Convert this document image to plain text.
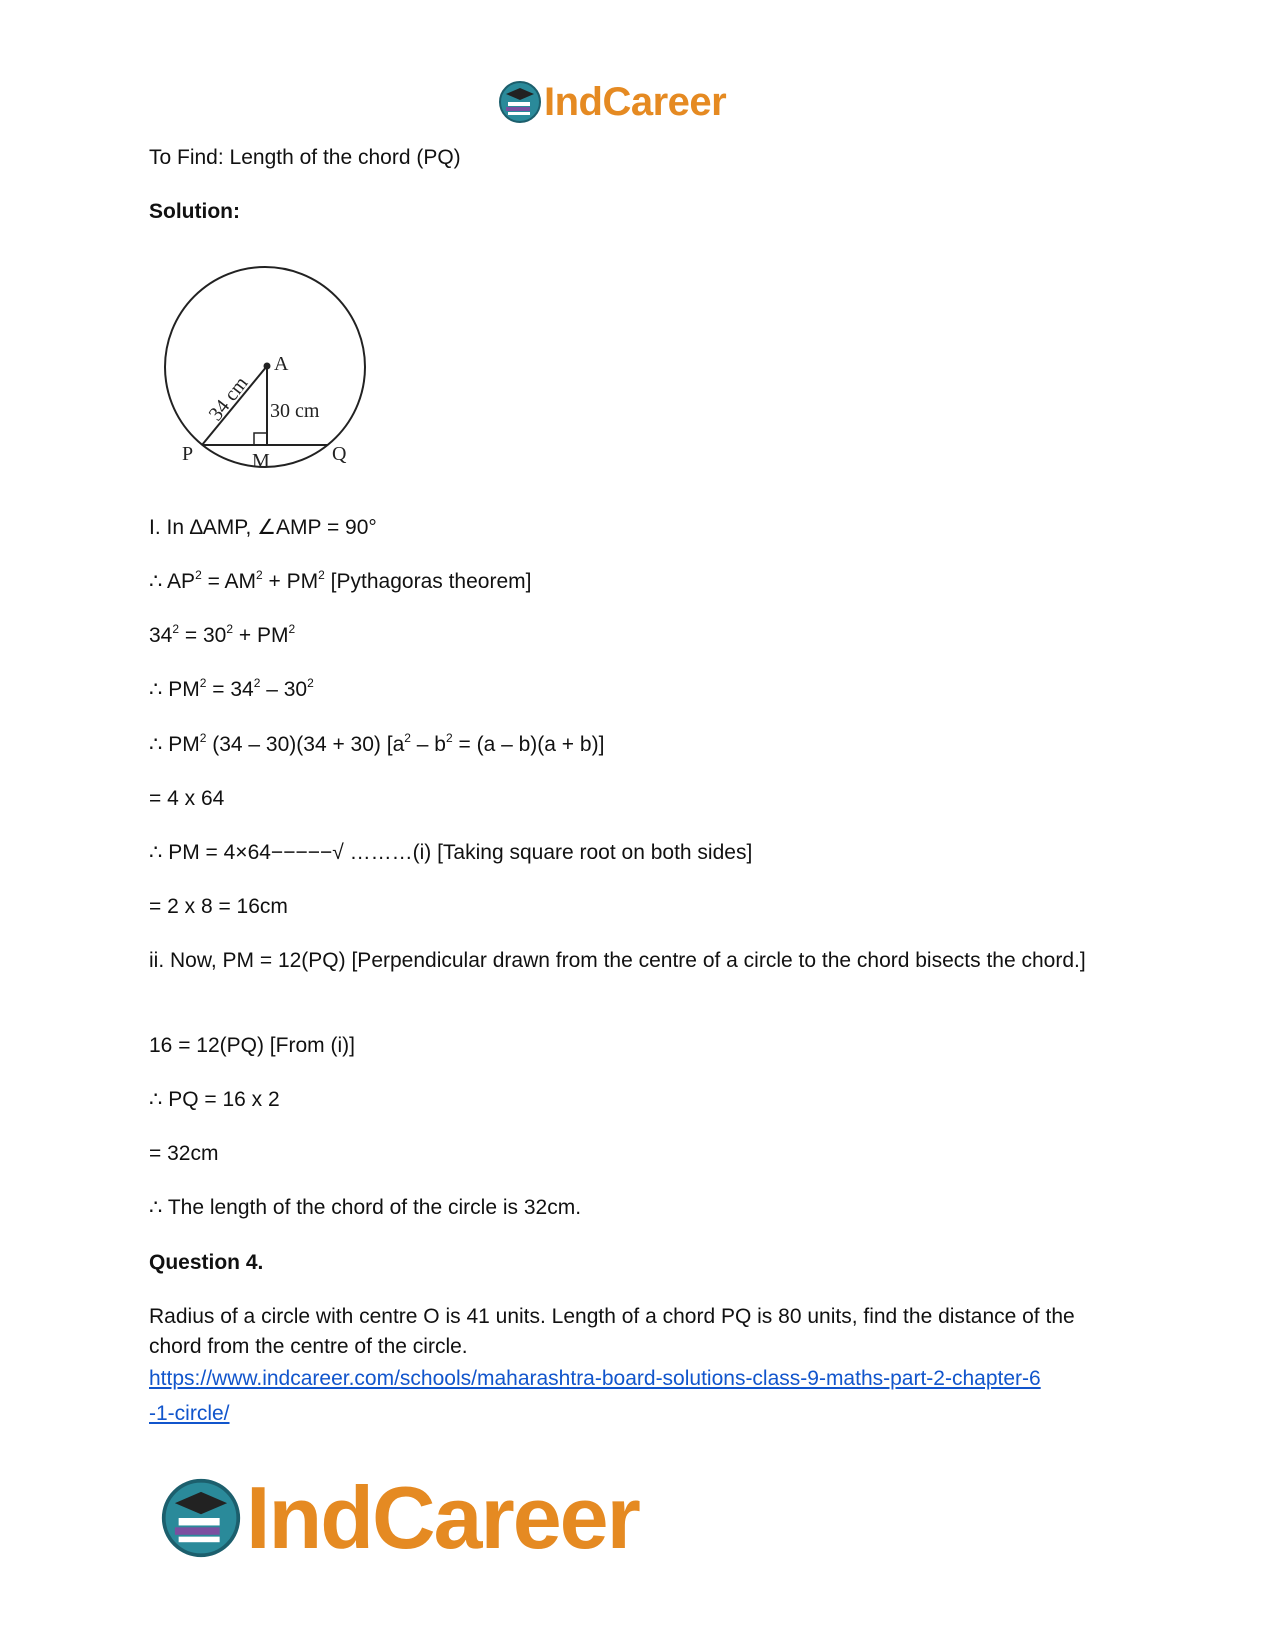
IndCareer
To Find: Length of the chord (PQ)
Solution:
A
30 cm
34 cm
P	M	Q
I. In ∆AMP, ∠AMP = 90°
∴ $AP^2 = AM^2 + PM^2$ [Pythagoras theorem]
$34^2 = 30^2 + PM^2$
∴ $PM^2 = 34^2 - 30^2$
∴ $PM^2$ (34 – 30)(34 + 30) $[a^2 - b^2 = (a - b)(a + b)]$
= 4 x 64
∴ PM = 4×64−−−−−√ ………(i) [Taking square root on both sides]
= 2 x 8 = 16cm
ii. Now, PM = 12(PQ) [Perpendicular drawn from the centre of a circle to the chord bisects the chord.]
16 = 12(PQ) [From (i)]
∴ PQ = 16 x 2
= 32cm
∴ The length of the chord of the circle is 32cm.
Question 4.
Radius of a circle with centre O is 41 units. Length of a chord PQ is 80 units, find the distance of the chord from the centre of the circle.
https://www.indcareer.com/schools/maharashtra-board-solutions-class-9-maths-part-2-chapter-6
-1-circle/
IndCareer
